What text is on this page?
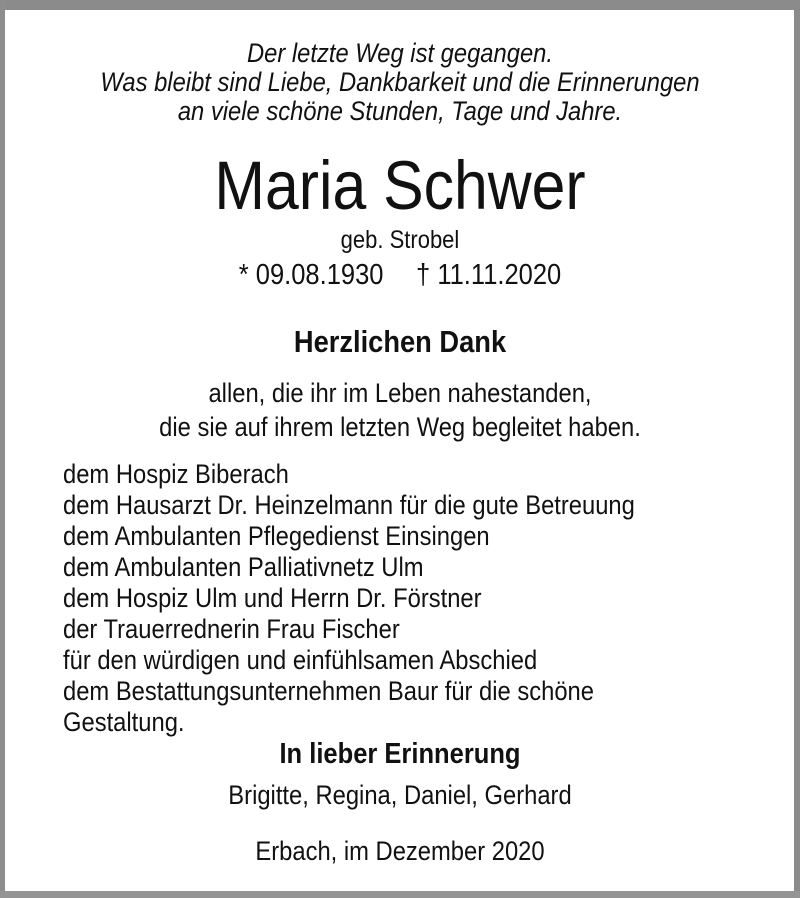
Der letzte Weg ist gegangen.
Was bleibt sind Liebe, Dankbarkeit und die Erinnerungen
an viele schöne Stunden, Tage und Jahre.
Maria Schwer
geb. Strobel
* 09.08.1930 † 11.11.2020
Herzlichen Dank
allen, die ihr im Leben nahestanden,
die sie auf ihrem letzten Weg begleitet haben.
dem Hospiz Biberach
dem Hausarzt Dr. Heinzelmann für die gute Betreuung
dem Ambulanten Pflegedienst Einsingen
dem Ambulanten Palliativnetz Ulm
dem Hospiz Ulm und Herrn Dr. Förstner
der Trauerrednerin Frau Fischer
für den würdigen und einfühlsamen Abschied
dem Bestattungsunternehmen Baur für die schöne Gestaltung.
In lieber Erinnerung
Brigitte, Regina, Daniel, Gerhard
Erbach, im Dezember 2020
